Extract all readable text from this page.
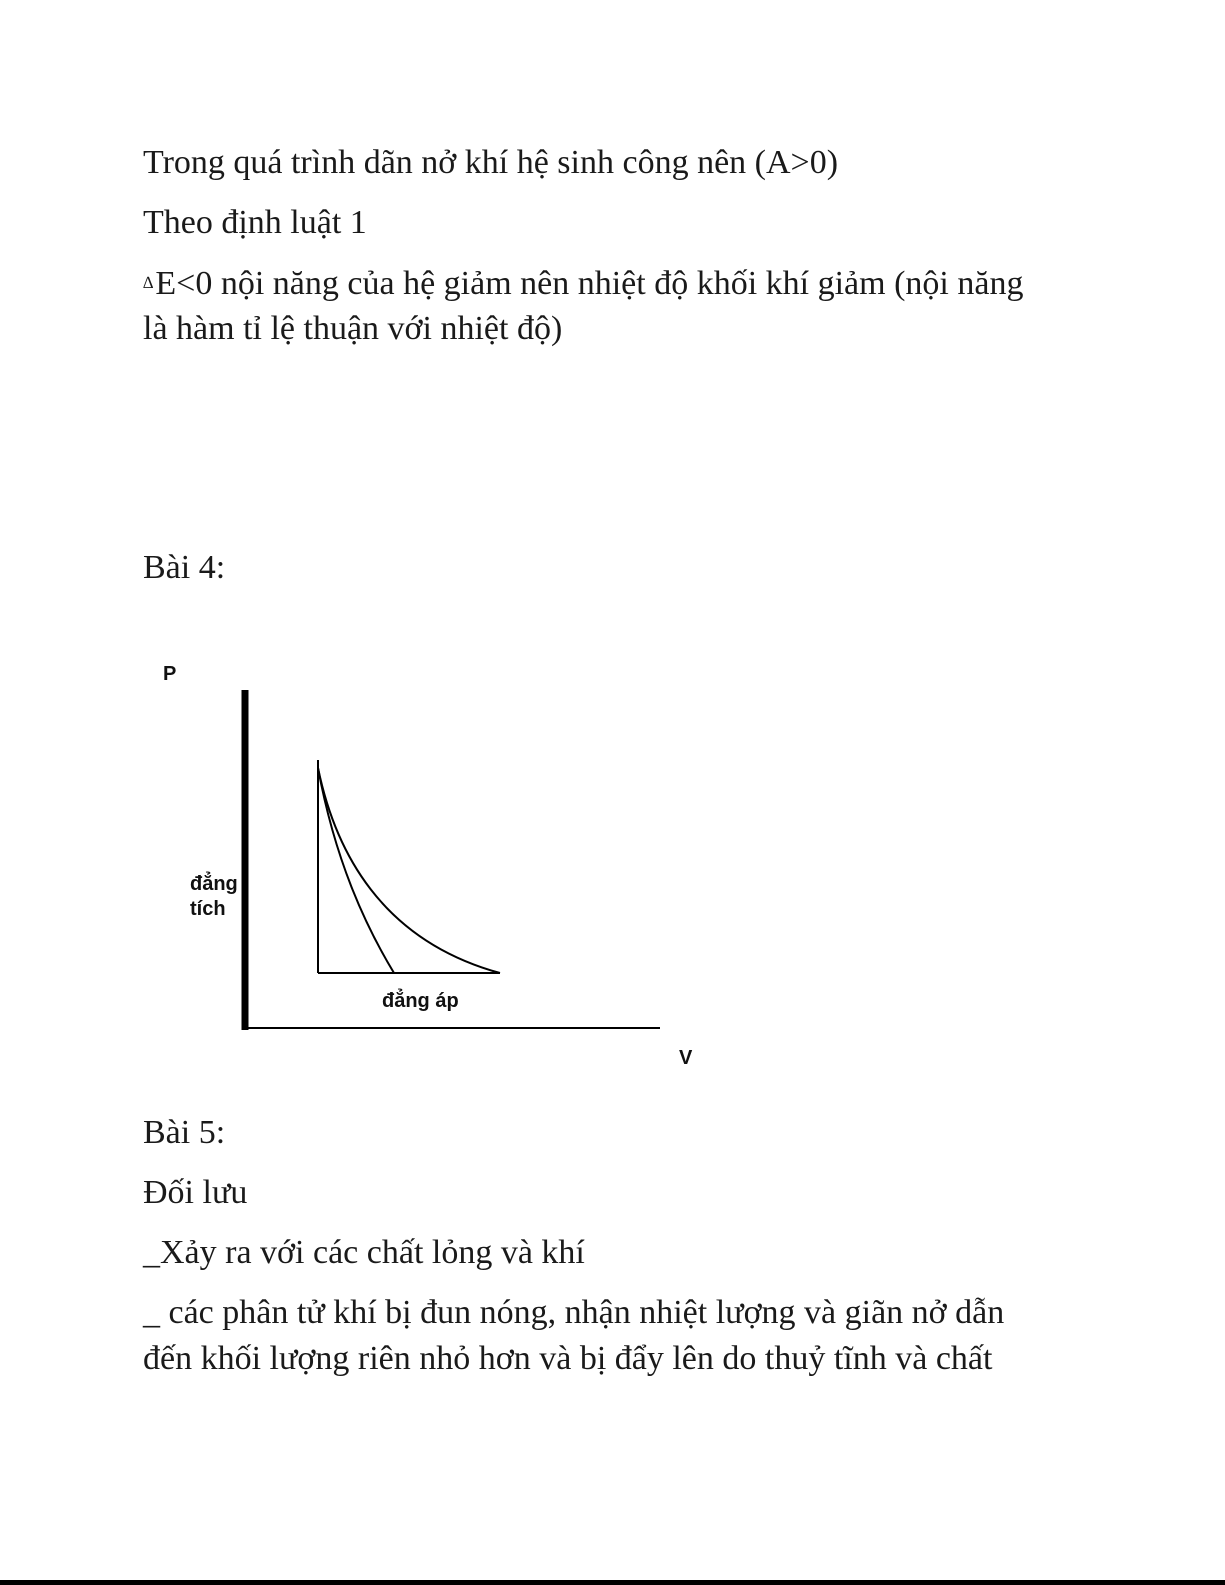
Trong quá trình dãn nở khí hệ sinh công nên (A>0)
Theo định luật 1
∆E<0 nội năng của hệ giảm nên nhiệt độ khối khí giảm (nội năng
là hàm tỉ lệ thuận với nhiệt độ)
Bài 4:
P
V
đẳng
tích
đẳng áp
Bài 5:
Đối lưu
_Xảy ra với các chất lỏng và khí
_ các phân tử khí bị đun nóng, nhận nhiệt lượng và giãn nở dẫn
đến khối lượng riên nhỏ hơn và bị đẩy lên do thuỷ tĩnh và chất
